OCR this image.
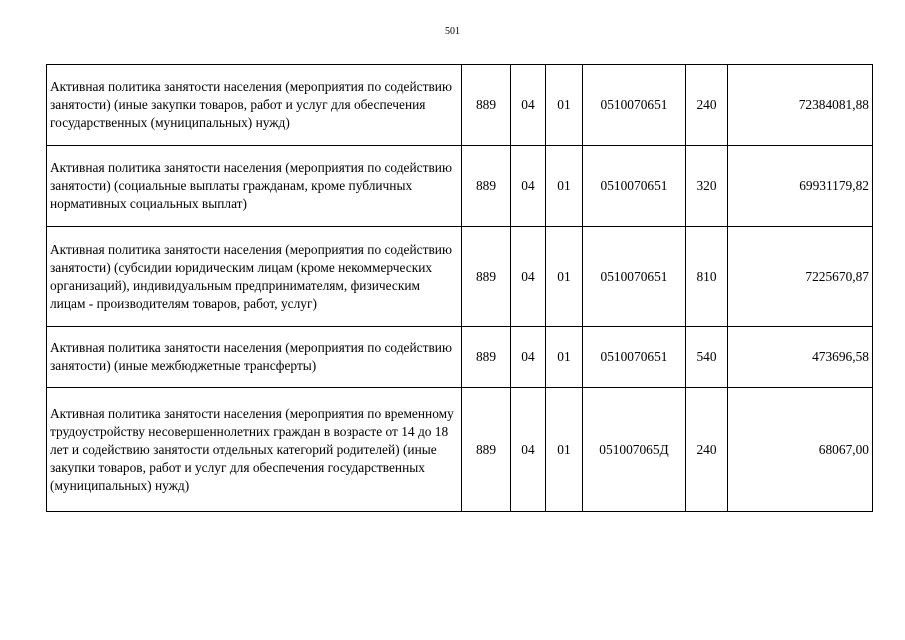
501
Активная политика занятости населения (мероприятия по содействию занятости) (иные закупки товаров, работ и услуг для обеспечения государственных (муниципальных) нужд)	889	04	01	0510070651	240	72384081,88
Активная политика занятости населения (мероприятия по содействию занятости) (социальные выплаты гражданам, кроме публичных нормативных социальных выплат)	889	04	01	0510070651	320	69931179,82
Активная политика занятости населения (мероприятия по содействию занятости) (субсидии юридическим лицам (кроме некоммерческих организаций), индивидуальным предпринимателям, физическим лицам - производителям товаров, работ, услуг)	889	04	01	0510070651	810	7225670,87
Активная политика занятости населения (мероприятия по содействию занятости) (иные межбюджетные трансферты)	889	04	01	0510070651	540	473696,58
Активная политика занятости населения (мероприятия по временному трудоустройству несовершеннолетних граждан в возрасте от 14 до 18 лет и содействию занятости отдельных категорий родителей) (иные закупки товаров, работ и услуг для обеспечения государственных (муниципальных) нужд)	889	04	01	051007065Д	240	68067,00
